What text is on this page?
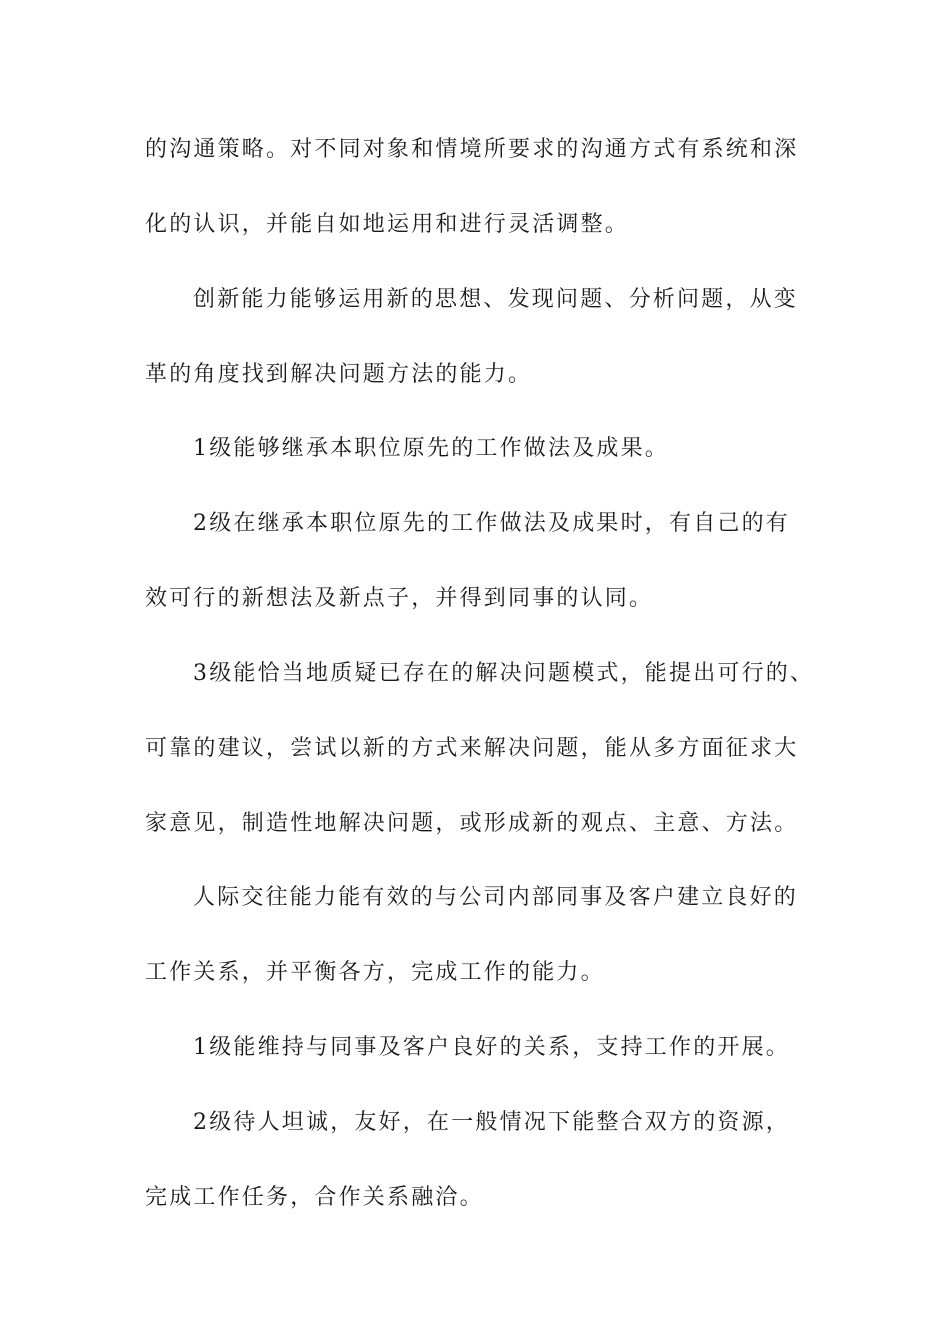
的沟通策略。对不同对象和情境所要求的沟通方式有系统和深
化的认识，并能自如地运用和进行灵活调整。
创新能力能够运用新的思想、发现问题、分析问题，从变
革的角度找到解决问题方法的能力。
1级能够继承本职位原先的工作做法及成果。
2级在继承本职位原先的工作做法及成果时，有自己的有
效可行的新想法及新点子，并得到同事的认同。
3级能恰当地质疑已存在的解决问题模式，能提出可行的、
可靠的建议，尝试以新的方式来解决问题，能从多方面征求大
家意见，制造性地解决问题，或形成新的观点、主意、方法。
人际交往能力能有效的与公司内部同事及客户建立良好的
工作关系，并平衡各方，完成工作的能力。
1级能维持与同事及客户良好的关系，支持工作的开展。
2级待人坦诚，友好，在一般情况下能整合双方的资源，
完成工作任务，合作关系融洽。
